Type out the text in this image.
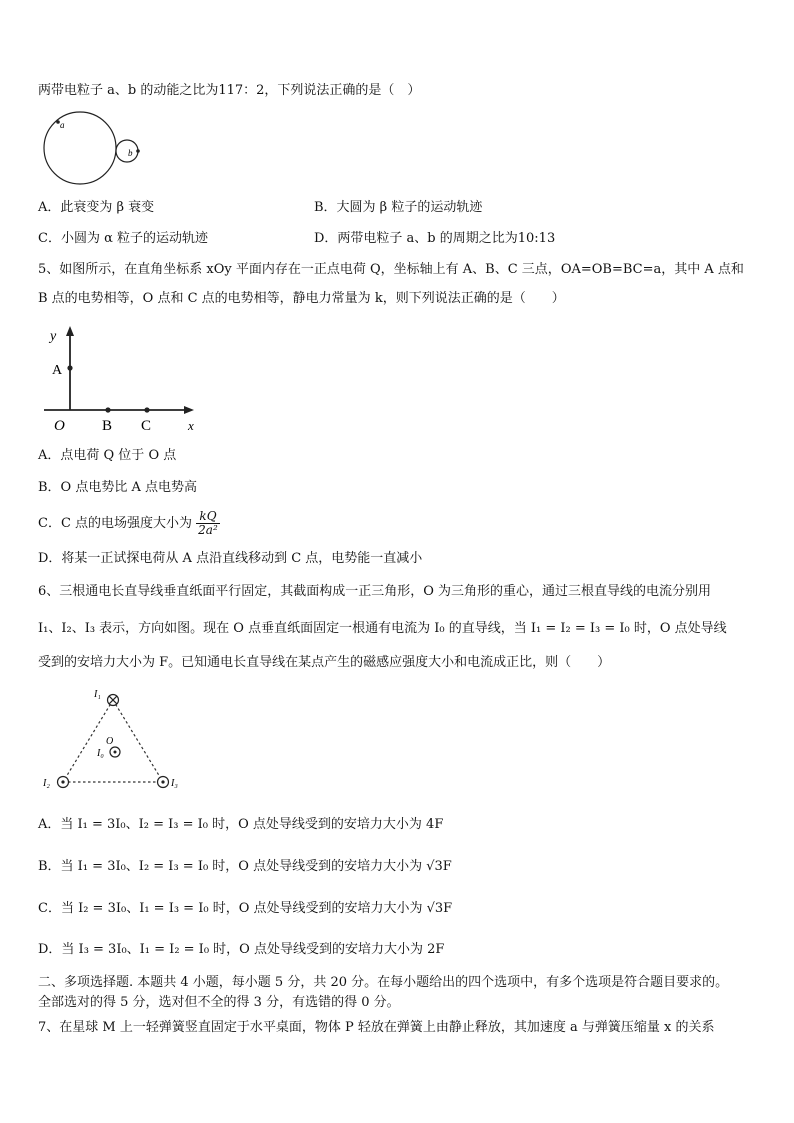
两带电粒子 a、b 的动能之比为117：2，下列说法正确的是（　）
a
b
A．此衰变为 β 衰变	B．大圆为 β 粒子的运动轨迹
C．小圆为 α 粒子的运动轨迹	D．两带电粒子 a、b 的周期之比为10:13
5、如图所示，在直角坐标系 xOy 平面内存在一正点电荷 Q，坐标轴上有 A、B、C 三点，OA=OB=BC=a，其中 A 点和
B 点的电势相等，O 点和 C 点的电势相等，静电力常量为 k，则下列说法正确的是（　　）
y
A
O B C	x
A．点电荷 Q 位于 O 点
B．O 点电势比 A 点电势高
C．C 点的电场强度大小为 $\frac{kQ}{\text{2a²}}$
D．将某一正试探电荷从 A 点沿直线移动到 C 点，电势能一直减小
6、三根通电长直导线垂直纸面平行固定，其截面构成一正三角形，O 为三角形的重心，通过三根直导线的电流分别用
I₁、I₂、I₃ 表示，方向如图。现在 O 点垂直纸面固定一根通有电流为 I₀ 的直导线，当 I₁ = I₂ = I₃ = I₀ 时，O 点处导线
受到的安培力大小为 F。已知通电长直导线在某点产生的磁感应强度大小和电流成正比，则（　　）
I₁
I₂	I₃
O
I₀
A．当 I₁ = 3I₀、I₂ = I₃ = I₀ 时，O 点处导线受到的安培力大小为 4F
B．当 I₁ = 3I₀、I₂ = I₃ = I₀ 时，O 点处导线受到的安培力大小为 √3F
C．当 I₂ = 3I₀、I₁ = I₃ = I₀ 时，O 点处导线受到的安培力大小为 √3F
D．当 I₃ = 3I₀、I₁ = I₂ = I₀ 时，O 点处导线受到的安培力大小为 2F
二、多项选择题. 本题共 4 小题，每小题 5 分，共 20 分。在每小题给出的四个选项中，有多个选项是符合题目要求的。
全部选对的得 5 分，选对但不全的得 3 分，有选错的得 0 分。
7、在星球 M 上一轻弹簧竖直固定于水平桌面，物体 P 轻放在弹簧上由静止释放，其加速度 a 与弹簧压缩量 x 的关系
